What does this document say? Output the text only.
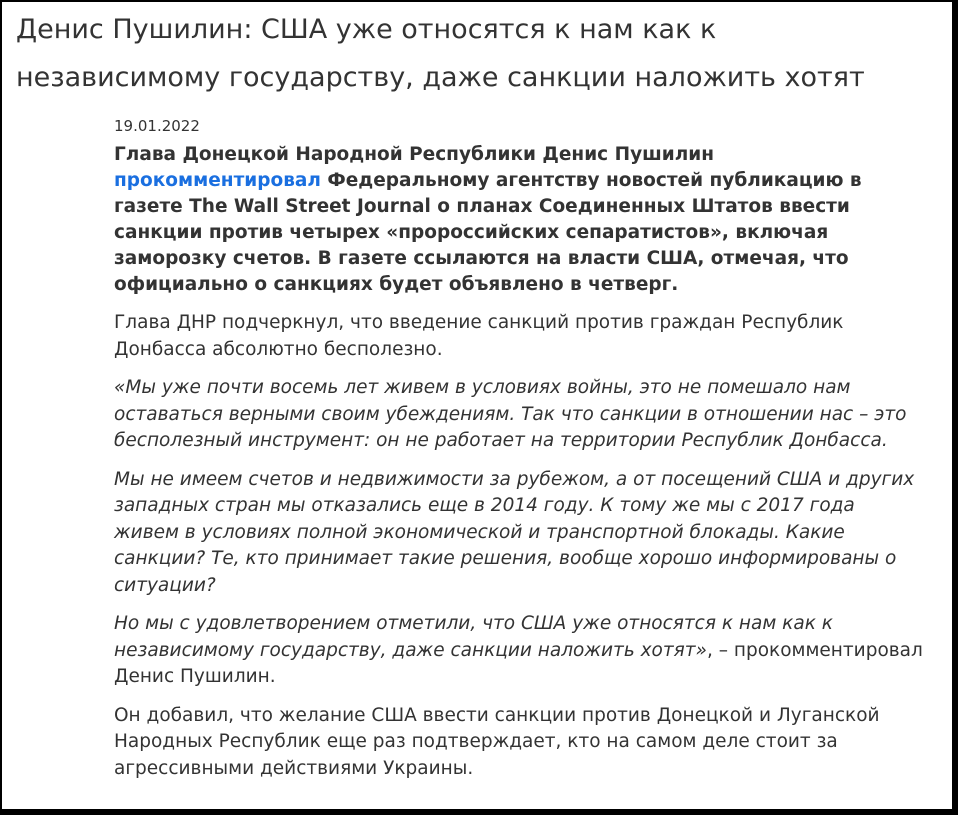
Денис Пушилин: США уже относятся к нам как к независимому государству, даже санкции наложить хотят
19.01.2022

Глава Донецкой Народной Республики Денис Пушилин прокомментировал Федеральному агентству новостей публикацию в газете The Wall Street Journal о планах Соединенных Штатов ввести санкции против четырех «пророссийских сепаратистов», включая заморозку счетов. В газете ссылаются на власти США, отмечая, что официально о санкциях будет объявлено в четверг.

Глава ДНР подчеркнул, что введение санкций против граждан Республик Донбасса абсолютно бесполезно.

«Мы уже почти восемь лет живем в условиях войны, это не помешало нам оставаться верными своим убеждениям. Так что санкции в отношении нас – это бесполезный инструмент: он не работает на территории Республик Донбасса.

Мы не имеем счетов и недвижимости за рубежом, а от посещений США и других западных стран мы отказались еще в 2014 году. К тому же мы с 2017 года живем в условиях полной экономической и транспортной блокады. Какие санкции? Те, кто принимает такие решения, вообще хорошо информированы о ситуации?

Но мы с удовлетворением отметили, что США уже относятся к нам как к независимому государству, даже санкции наложить хотят», – прокомментировал Денис Пушилин.

Он добавил, что желание США ввести санкции против Донецкой и Луганской Народных Республик еще раз подтверждает, кто на самом деле стоит за агрессивными действиями Украины.
